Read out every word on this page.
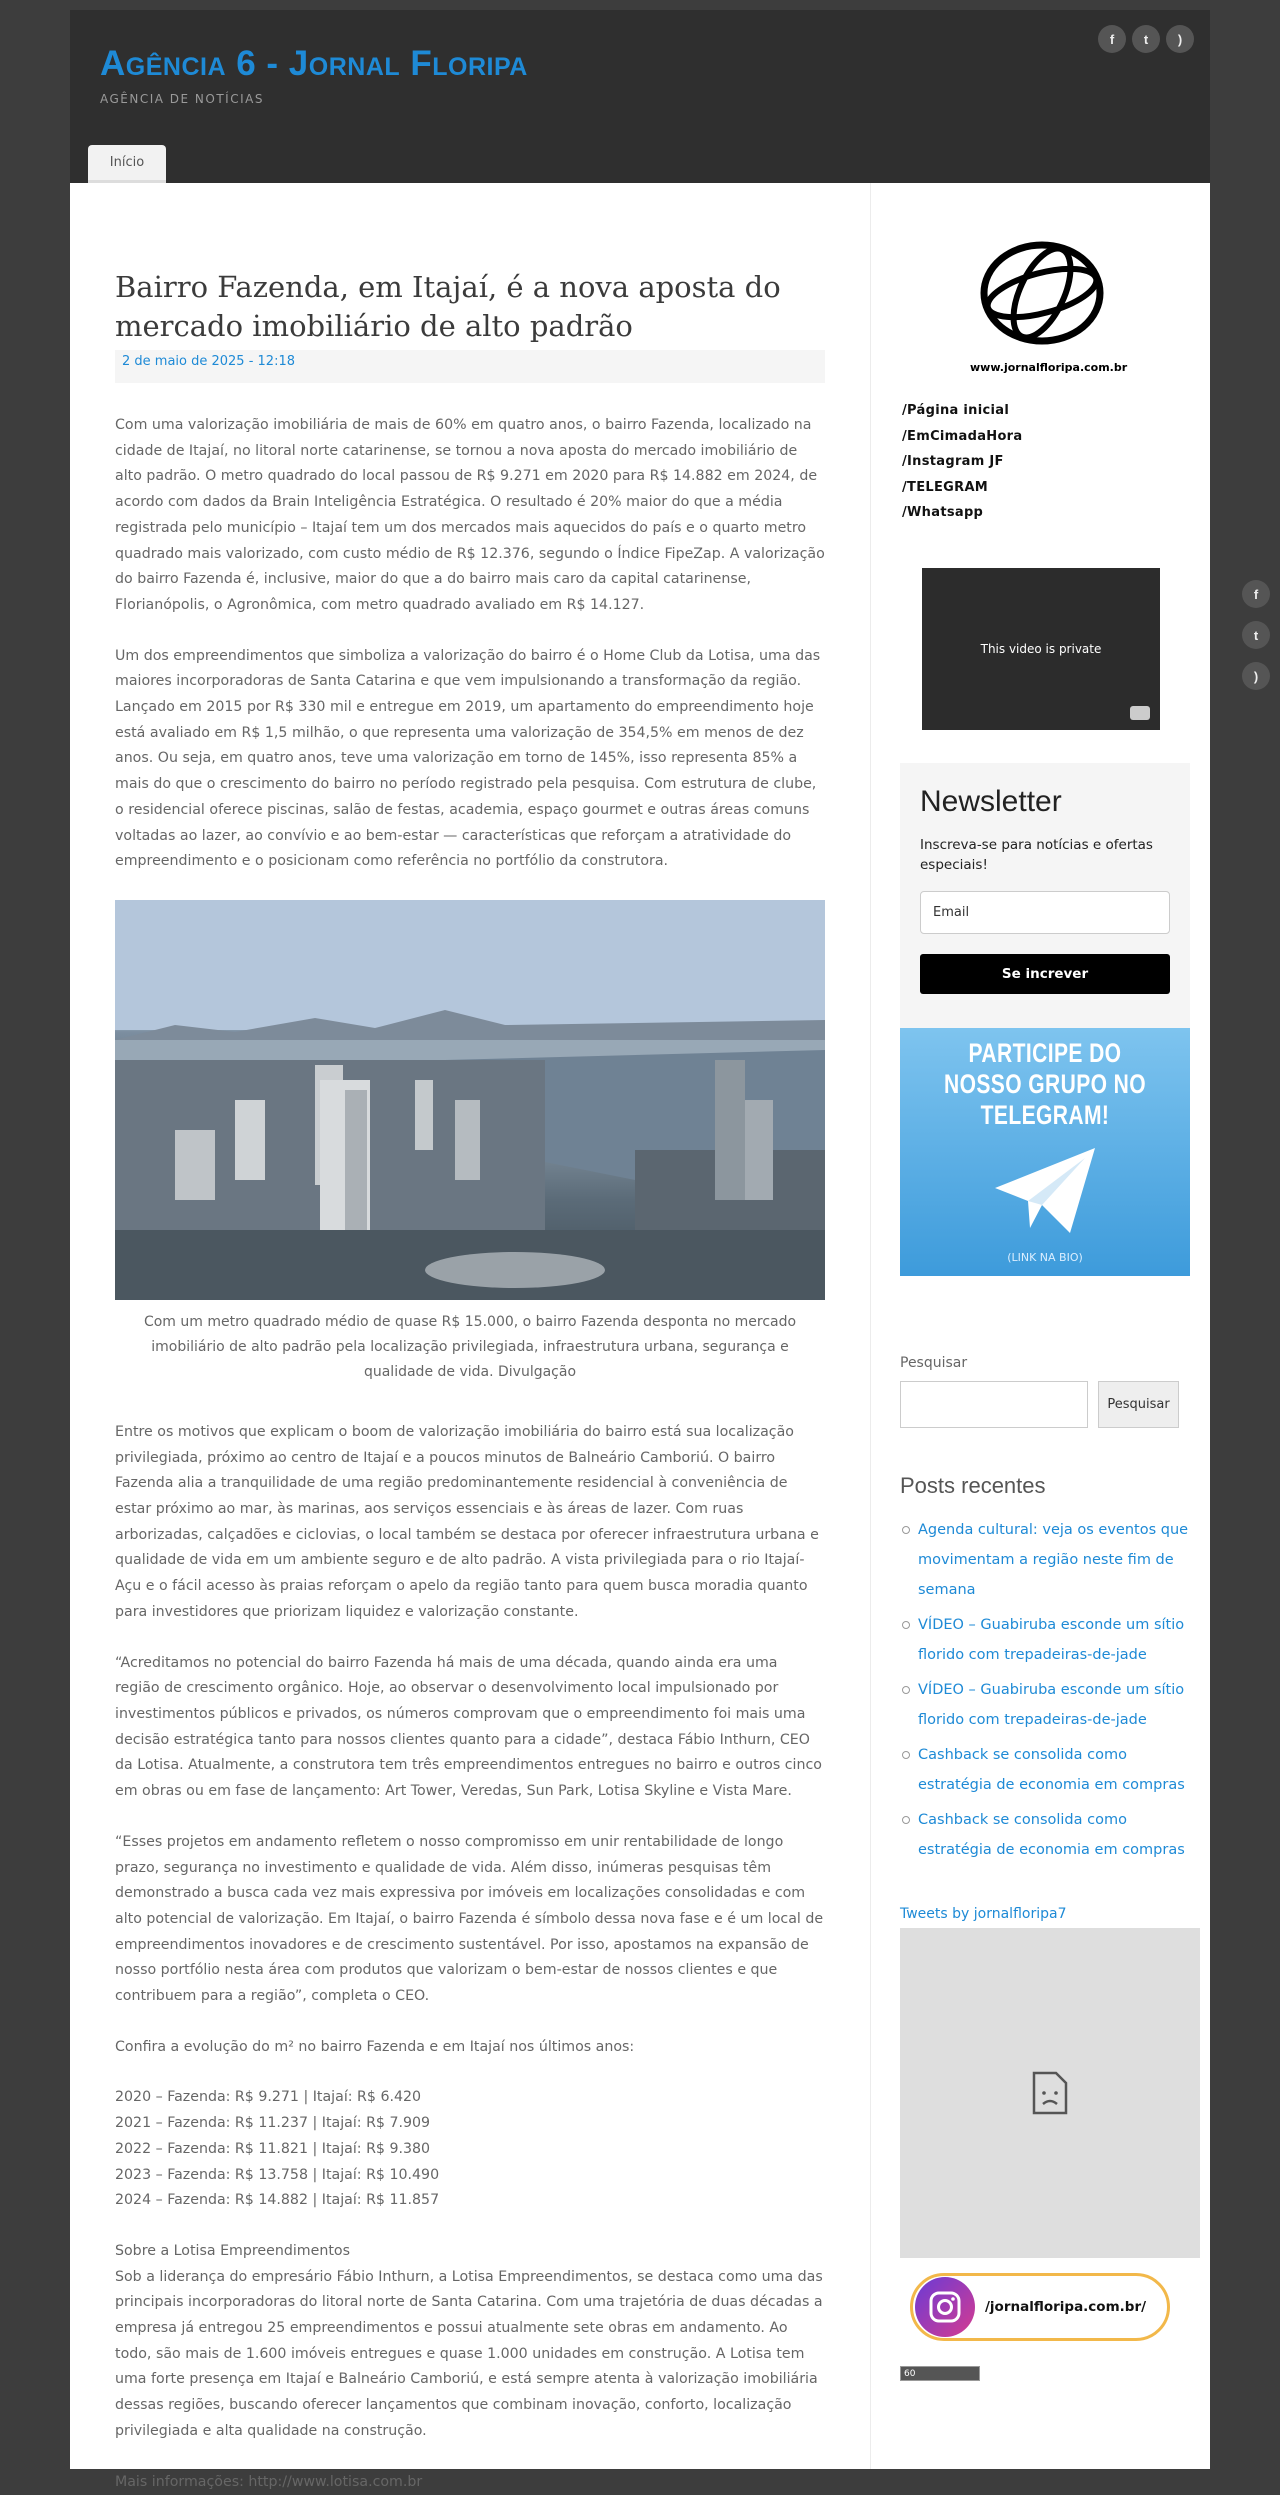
Agência 6 - Jornal Floripa
AGÊNCIA DE NOTÍCIAS
f	t	)
Início
Bairro Fazenda, em Itajaí, é a nova aposta do mercado imobiliário de alto padrão
2 de maio de 2025 - 12:18

Com uma valorização imobiliária de mais de 60% em quatro anos, o bairro Fazenda, localizado na cidade de Itajaí, no litoral norte catarinense, se tornou a nova aposta do mercado imobiliário de alto padrão. O metro quadrado do local passou de R$ 9.271 em 2020 para R$ 14.882 em 2024, de acordo com dados da Brain Inteligência Estratégica. O resultado é 20% maior do que a média registrada pelo município – Itajaí tem um dos mercados mais aquecidos do país e o quarto metro quadrado mais valorizado, com custo médio de R$ 12.376, segundo o Índice FipeZap. A valorização do bairro Fazenda é, inclusive, maior do que a do bairro mais caro da capital catarinense, Florianópolis, o Agronômica, com metro quadrado avaliado em R$ 14.127.

Um dos empreendimentos que simboliza a valorização do bairro é o Home Club da Lotisa, uma das maiores incorporadoras de Santa Catarina e que vem impulsionando a transformação da região. Lançado em 2015 por R$ 330 mil e entregue em 2019, um apartamento do empreendimento hoje está avaliado em R$ 1,5 milhão, o que representa uma valorização de 354,5% em menos de dez anos. Ou seja, em quatro anos, teve uma valorização em torno de 145%, isso representa 85% a mais do que o crescimento do bairro no período registrado pela pesquisa. Com estrutura de clube, o residencial oferece piscinas, salão de festas, academia, espaço gourmet e outras áreas comuns voltadas ao lazer, ao convívio e ao bem-estar — características que reforçam a atratividade do empreendimento e o posicionam como referência no portfólio da construtora.

Com um metro quadrado médio de quase R$ 15.000, o bairro Fazenda desponta no mercado imobiliário de alto padrão pela localização privilegiada, infraestrutura urbana, segurança e qualidade de vida. Divulgação

Entre os motivos que explicam o boom de valorização imobiliária do bairro está sua localização privilegiada, próximo ao centro de Itajaí e a poucos minutos de Balneário Camboriú. O bairro Fazenda alia a tranquilidade de uma região predominantemente residencial à conveniência de estar próximo ao mar, às marinas, aos serviços essenciais e às áreas de lazer. Com ruas arborizadas, calçadões e ciclovias, o local também se destaca por oferecer infraestrutura urbana e qualidade de vida em um ambiente seguro e de alto padrão. A vista privilegiada para o rio Itajaí-Açu e o fácil acesso às praias reforçam o apelo da região tanto para quem busca moradia quanto para investidores que priorizam liquidez e valorização constante.

“Acreditamos no potencial do bairro Fazenda há mais de uma década, quando ainda era uma região de crescimento orgânico. Hoje, ao observar o desenvolvimento local impulsionado por investimentos públicos e privados, os números comprovam que o empreendimento foi mais uma decisão estratégica tanto para nossos clientes quanto para a cidade”, destaca Fábio Inthurn, CEO da Lotisa. Atualmente, a construtora tem três empreendimentos entregues no bairro e outros cinco em obras ou em fase de lançamento: Art Tower, Veredas, Sun Park, Lotisa Skyline e Vista Mare.

“Esses projetos em andamento refletem o nosso compromisso em unir rentabilidade de longo prazo, segurança no investimento e qualidade de vida. Além disso, inúmeras pesquisas têm demonstrado a busca cada vez mais expressiva por imóveis em localizações consolidadas e com alto potencial de valorização. Em Itajaí, o bairro Fazenda é símbolo dessa nova fase e é um local de empreendimentos inovadores e de crescimento sustentável. Por isso, apostamos na expansão de nosso portfólio nesta área com produtos que valorizam o bem-estar de nossos clientes e que contribuem para a região”, completa o CEO.

Confira a evolução do m² no bairro Fazenda e em Itajaí nos últimos anos:

2020 – Fazenda: R$ 9.271 | Itajaí: R$ 6.420
2021 – Fazenda: R$ 11.237 | Itajaí: R$ 7.909
2022 – Fazenda: R$ 11.821 | Itajaí: R$ 9.380
2023 – Fazenda: R$ 13.758 | Itajaí: R$ 10.490
2024 – Fazenda: R$ 14.882 | Itajaí: R$ 11.857
Sobre a Lotisa Empreendimentos
Sob a liderança do empresário Fábio Inthurn, a Lotisa Empreendimentos, se destaca como uma das principais incorporadoras do litoral norte de Santa Catarina. Com uma trajetória de duas décadas a empresa já entregou 25 empreendimentos e possui atualmente sete obras em andamento. Ao todo, são mais de 1.600 imóveis entregues e quase 1.000 unidades em construção. A Lotisa tem uma forte presença em Itajaí e Balneário Camboriú, e está sempre atenta à valorização imobiliária dessas regiões, buscando oferecer lançamentos que combinam inovação, conforto, localização privilegiada e alta qualidade na construção.

Mais informações: http://www.lotisa.com.br

www.jornalfloripa.com.br
/Página inicial
/EmCimadaHora
/Instagram JF
/TELEGRAM
/Whatsapp
This video is private
Newsletter
Inscreva-se para notícias e ofertas especiais!
Email
Se increver
PARTICIPE DO NOSSO GRUPO NO TELEGRAM!
(LINK NA BIO)
Pesquisar
Pesquisar
Posts recentes
Agenda cultural: veja os eventos que movimentam a região neste fim de semana
VÍDEO – Guabiruba esconde um sítio florido com trepadeiras-de-jade
VÍDEO – Guabiruba esconde um sítio florido com trepadeiras-de-jade
Cashback se consolida como estratégia de economia em compras
Cashback se consolida como estratégia de economia em compras
Tweets by jornalfloripa7
/jornalfloripa.com.br/
60
f
t
)
